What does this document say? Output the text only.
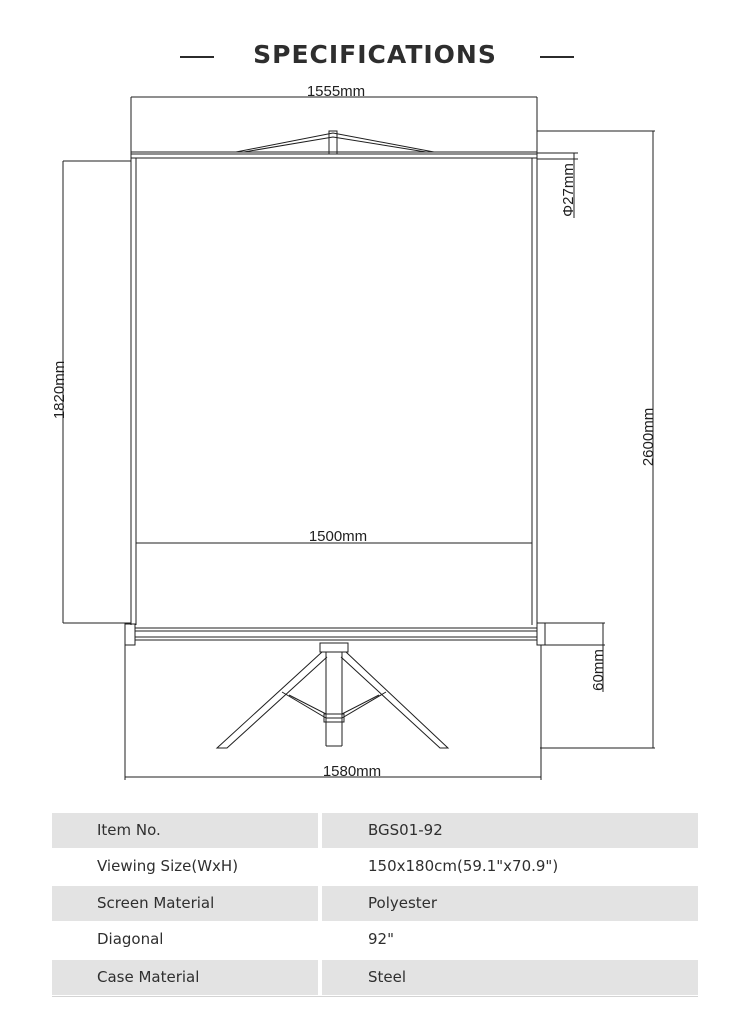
SPECIFICATIONS
1555mm
1500mm
1580mm
1820mm
Φ27mm
2600mm
60mm
Item No.	BGS01-92
Viewing Size(WxH)	150x180cm(59.1"x70.9")
Screen Material	Polyester
Diagonal	92"
Case Material	Steel
